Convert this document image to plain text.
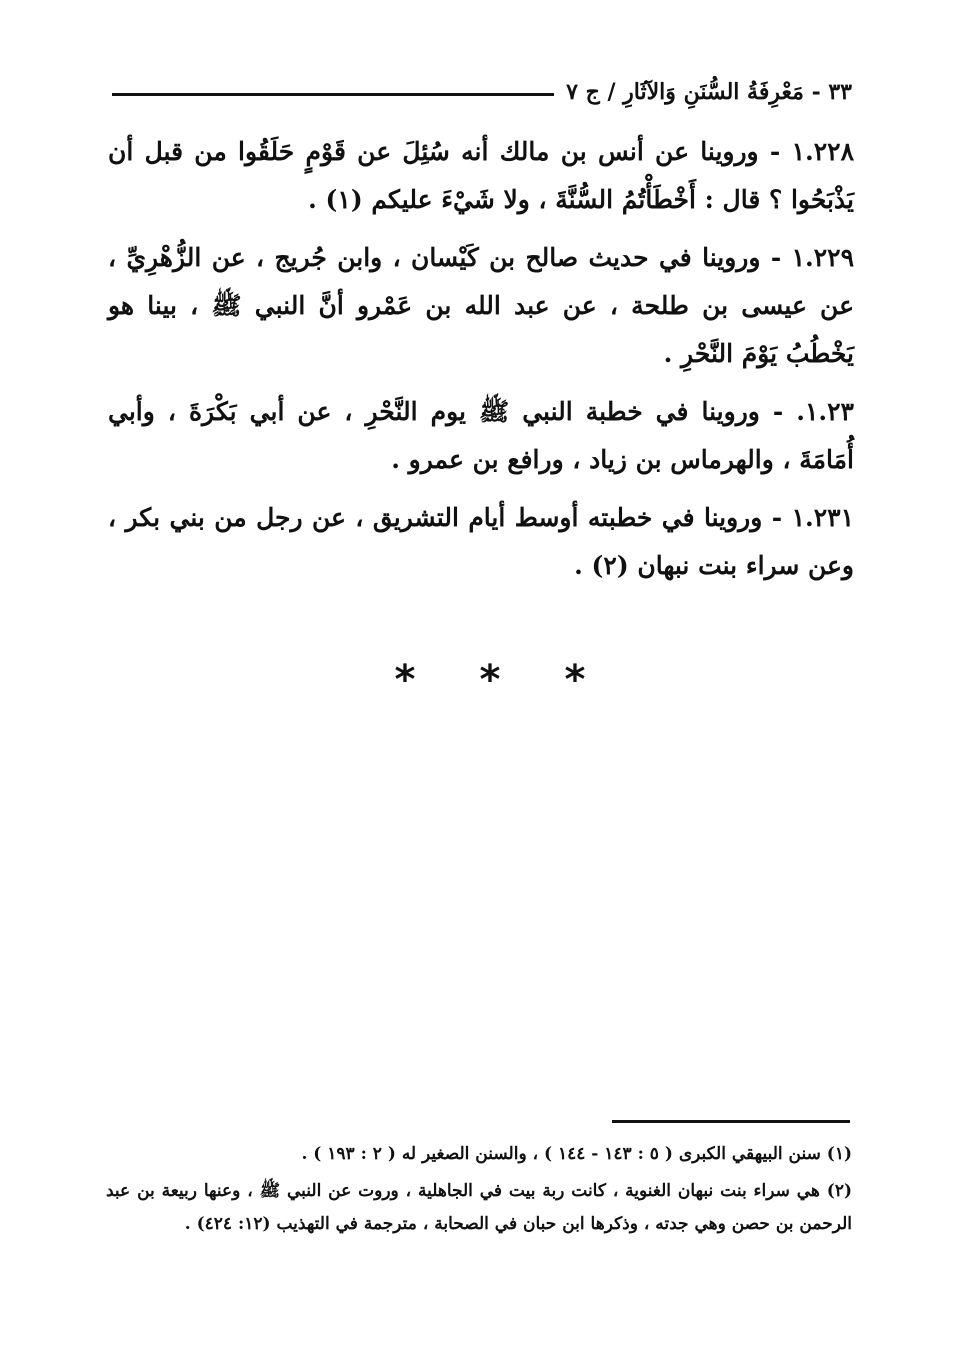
٣٣ - مَعْرِفَةُ السُّنَنِ وَالآثَارِ / ج ٧

١.٢٢٨ - وروينا عن أنس بن مالك أنه سُئِلَ عن قَوْمٍ حَلَقُوا من قبل أن يَذْبَحُوا ؟ قال : أَخْطَأْتُمُ السُّنَّةَ ، ولا شَيْءَ عليكم (١) .

١.٢٢٩ - وروينا في حديث صالح بن كَيْسان ، وابن جُريج ، عن الزُّهْرِيِّ ، عن عيسى بن طلحة ، عن عبد الله بن عَمْرو أنَّ النبي ﷺ ، بينا هو يَخْطُبُ يَوْمَ النَّحْرِ .

١.٢٣. - وروينا في خطبة النبي ﷺ يوم النَّحْرِ ، عن أبي بَكْرَةَ ، وأبي أُمَامَةَ ، والهرماس بن زياد ، ورافع بن عمرو .

١.٢٣١ - وروينا في خطبته أوسط أيام التشريق ، عن رجل من بني بكر ، وعن سراء بنت نبهان (٢) .

* * *

(١) سنن البيهقي الكبرى ( ٥ : ١٤٣ - ١٤٤ ) ، والسنن الصغير له ( ٢ : ١٩٣ ) .

(٢) هي سراء بنت نبهان الغنوية ، كانت ربة بيت في الجاهلية ، وروت عن النبي ﷺ ، وعنها ربيعة بن عبد الرحمن بن حصن وهي جدته ، وذكرها ابن حبان في الصحابة ، مترجمة في التهذيب (١٢: ٤٢٤) .
